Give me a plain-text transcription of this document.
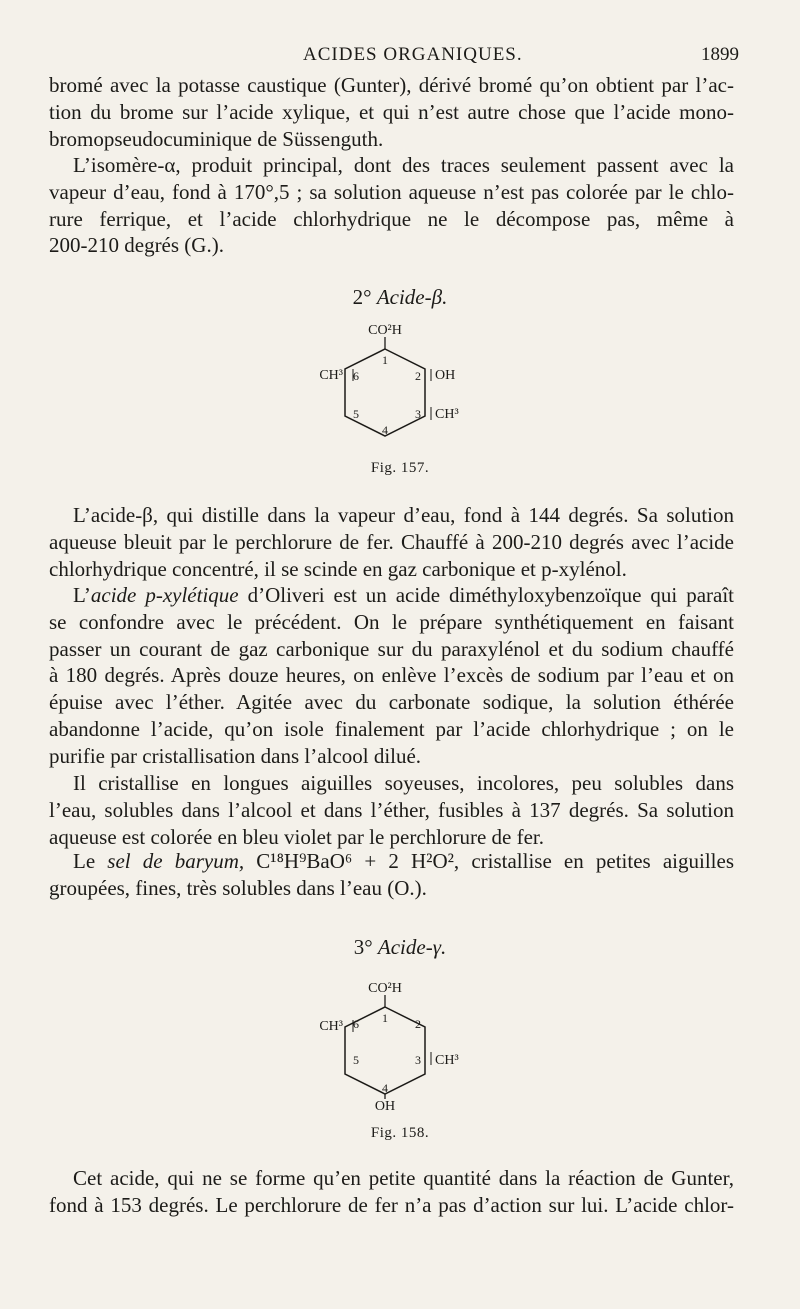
ACIDES ORGANIQUES.	1899

bromé avec la potasse caustique (Gunter), dérivé bromé qu’on obtient par l’ac-
tion du brome sur l’acide xylique, et qui n’est autre chose que l’acide mono-
bromopseudocuminique de Süssenguth.

L’isomère-α, produit principal, dont des traces seulement passent avec la
vapeur d’eau, fond à 170°,5 ; sa solution aqueuse n’est pas colorée par le chlo-
rure ferrique, et l’acide chlorhydrique ne le décompose pas, même à
200-210 degrés (G.).

2° Acide-β.
CO²H
CH³	OH
CH³
1
2
3
4
5
6
Fig. 157.

L’acide-β, qui distille dans la vapeur d’eau, fond à 144 degrés. Sa solution
aqueuse bleuit par le perchlorure de fer. Chauffé à 200-210 degrés avec l’acide
chlorhydrique concentré, il se scinde en gaz carbonique et p-xylénol.

L’acide p-xylétique d’Oliveri est un acide diméthyloxybenzoïque qui paraît
se confondre avec le précédent. On le prépare synthétiquement en faisant
passer un courant de gaz carbonique sur du paraxylénol et du sodium chauffé
à 180 degrés. Après douze heures, on enlève l’excès de sodium par l’eau et on
épuise avec l’éther. Agitée avec du carbonate sodique, la solution éthérée
abandonne l’acide, qu’on isole finalement par l’acide chlorhydrique ; on le
purifie par cristallisation dans l’alcool dilué.

Il cristallise en longues aiguilles soyeuses, incolores, peu solubles dans
l’eau, solubles dans l’alcool et dans l’éther, fusibles à 137 degrés. Sa solution
aqueuse est colorée en bleu violet par le perchlorure de fer.

Le sel de baryum, C¹⁸H⁹BaO⁶ + 2 H²O², cristallise en petites aiguilles
groupées, fines, très solubles dans l’eau (O.).

3° Acide-γ.
CO²H
CH³
CH³
OH
1 2
3
4
5
6
Fig. 158.

Cet acide, qui ne se forme qu’en petite quantité dans la réaction de Gunter,
fond à 153 degrés. Le perchlorure de fer n’a pas d’action sur lui. L’acide chlor-
